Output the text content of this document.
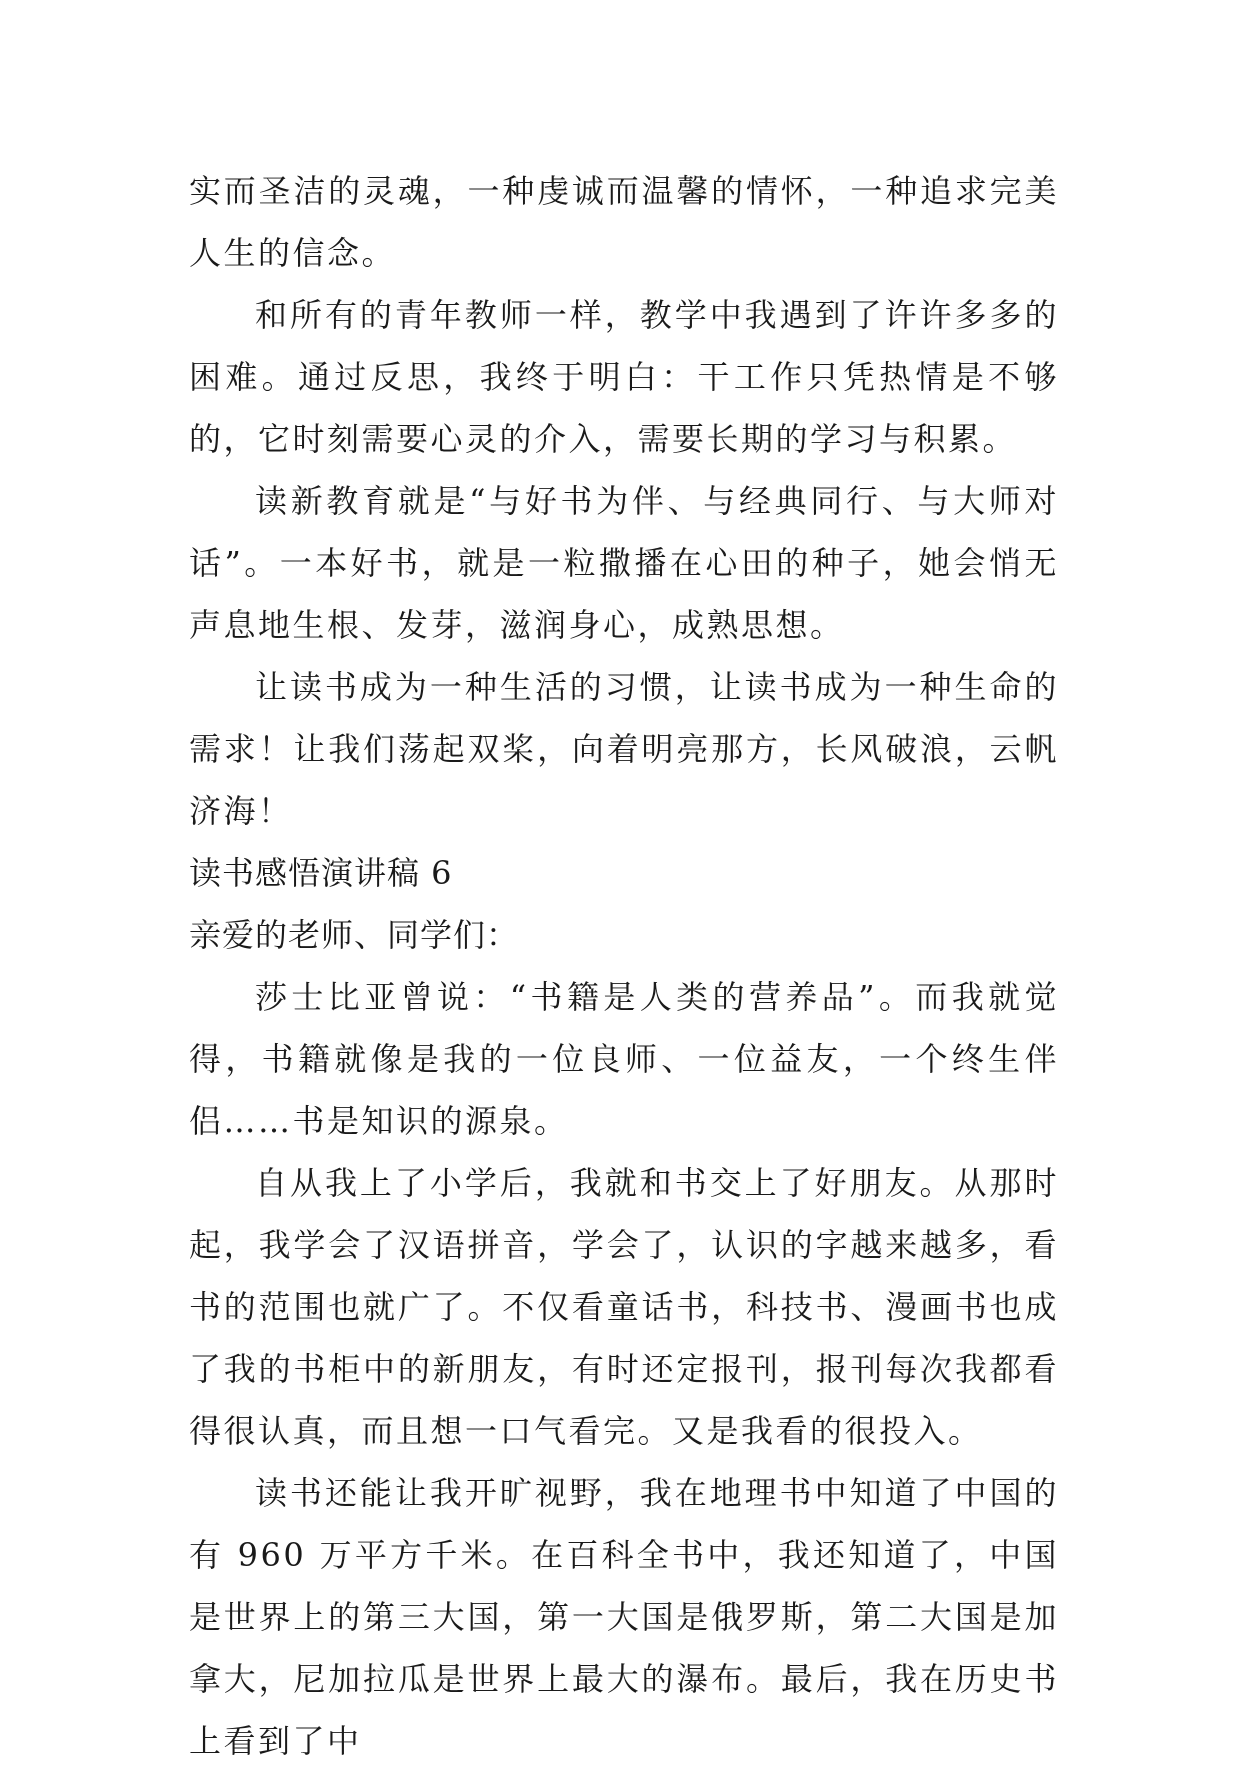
实而圣洁的灵魂，一种虔诚而温馨的情怀，一种追求完美人生的信念。

和所有的青年教师一样，教学中我遇到了许许多多的困难。通过反思，我终于明白：干工作只凭热情是不够的，它时刻需要心灵的介入，需要长期的学习与积累。

读新教育就是“与好书为伴、与经典同行、与大师对话”。一本好书，就是一粒撒播在心田的种子，她会悄无声息地生根、发芽，滋润身心，成熟思想。

让读书成为一种生活的习惯，让读书成为一种生命的需求！让我们荡起双桨，向着明亮那方，长风破浪，云帆济海！

读书感悟演讲稿 6

亲爱的老师、同学们：

莎士比亚曾说：“书籍是人类的营养品”。而我就觉得，书籍就像是我的一位良师、一位益友，一个终生伴侣……书是知识的源泉。

自从我上了小学后，我就和书交上了好朋友。从那时起，我学会了汉语拼音，学会了，认识的字越来越多，看书的范围也就广了。不仅看童话书，科技书、漫画书也成了我的书柜中的新朋友，有时还定报刊，报刊每次我都看得很认真，而且想一口气看完。又是我看的很投入。

读书还能让我开旷视野，我在地理书中知道了中国的有 960 万平方千米。在百科全书中，我还知道了，中国是世界上的第三大国，第一大国是俄罗斯，第二大国是加拿大，尼加拉瓜是世界上最大的瀑布。最后，我在历史书上看到了中
